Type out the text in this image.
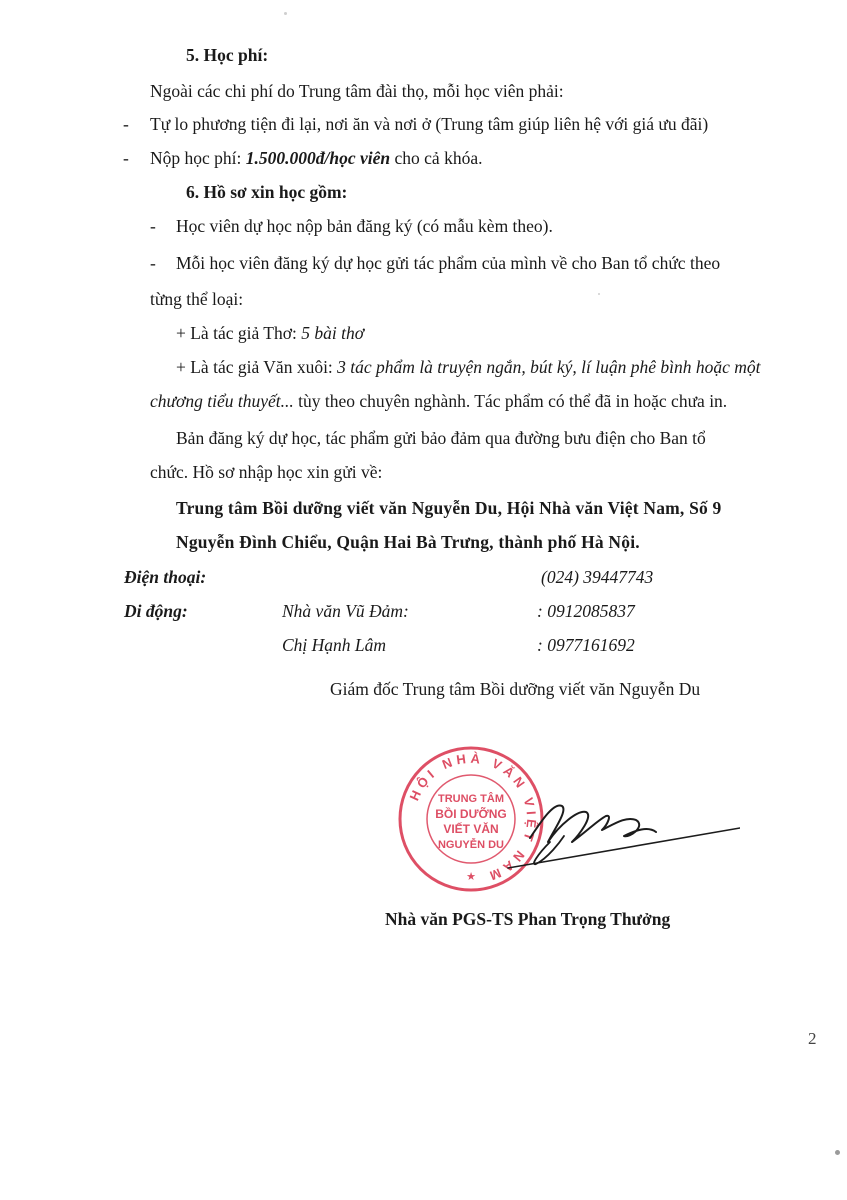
5. Học phí:
Ngoài các chi phí do Trung tâm đài thọ, mỗi học viên phải:
- Tự lo phương tiện đi lại, nơi ăn và nơi ở (Trung tâm giúp liên hệ với giá ưu đãi)
- Nộp học phí: 1.500.000đ/học viên cho cả khóa.
6. Hồ sơ xin học gồm:
- Học viên dự học nộp bản đăng ký (có mẫu kèm theo).
- Mỗi học viên đăng ký dự học gửi tác phẩm của mình về cho Ban tổ chức theo
từng thể loại:
+ Là tác giả Thơ: 5 bài thơ
+ Là tác giả Văn xuôi: 3 tác phẩm là truyện ngắn, bút ký, lí luận phê bình hoặc một
chương tiểu thuyết... tùy theo chuyên nghành. Tác phẩm có thể đã in hoặc chưa in.
Bản đăng ký dự học, tác phẩm gửi bảo đảm qua đường bưu điện cho Ban tổ
chức. Hồ sơ nhập học xin gửi về:
Trung tâm Bồi dưỡng viết văn Nguyễn Du, Hội Nhà văn Việt Nam, Số 9
Nguyễn Đình Chiểu, Quận Hai Bà Trưng, thành phố Hà Nội.
Điện thoại:	(024) 39447743
Di động:	Nhà văn Vũ Đảm:	: 0912085837
Chị Hạnh Lâm	: 0977161692
Giám đốc Trung tâm Bồi dưỡng viết văn Nguyễn Du
HỘI NHÀ VĂN VIỆT NAM
TRUNG TÂM
BỒI DƯỠNG
VIẾT VĂN
NGUYỄN DU
★
Nhà văn PGS-TS Phan Trọng Thưởng
2
